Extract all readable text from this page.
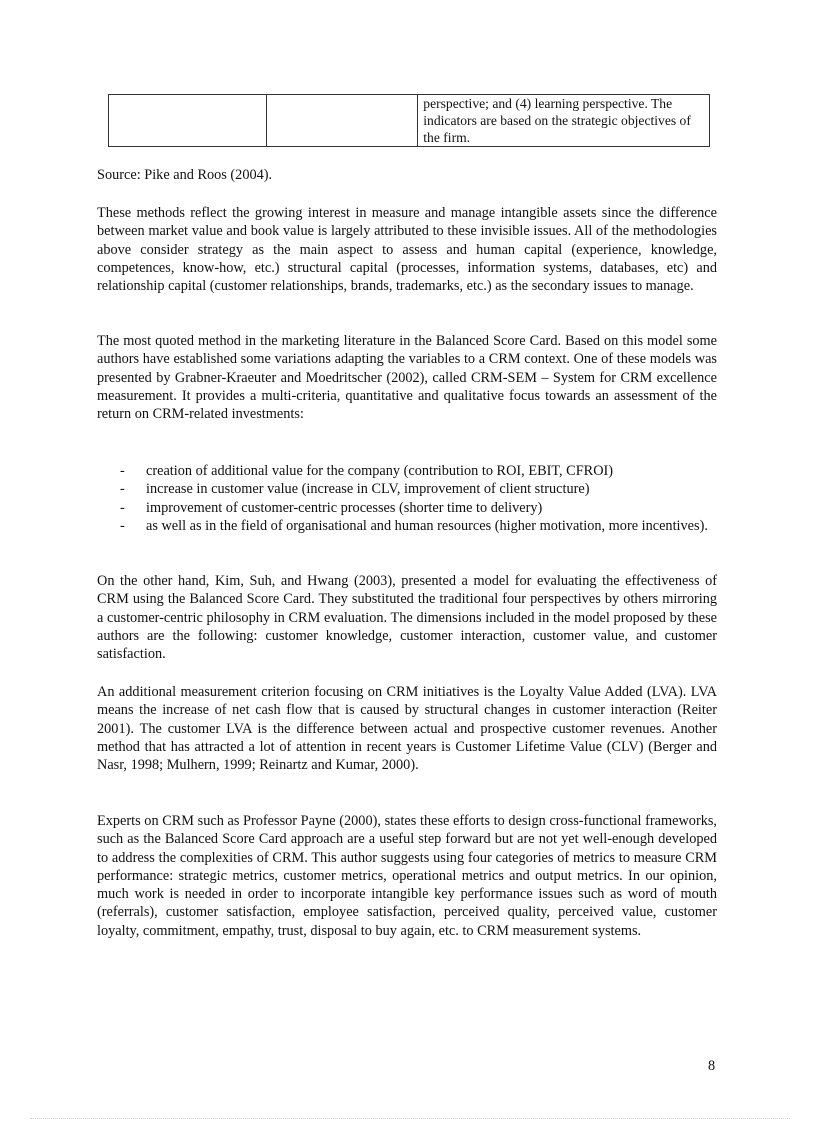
		perspective; and (4) learning perspective. The indicators are based on the strategic objectives of the firm.
Source: Pike and Roos (2004).

These methods reflect the growing interest in measure and manage intangible assets since the difference between market value and book value is largely attributed to these invisible issues. All of the methodologies above consider strategy as the main aspect to assess and human capital (experience, knowledge, competences, know-how, etc.) structural capital (processes, information systems, databases, etc) and relationship capital (customer relationships, brands, trademarks, etc.) as the secondary issues to manage.

The most quoted method in the marketing literature in the Balanced Score Card. Based on this model some authors have established some variations adapting the variables to a CRM context. One of these models was presented by Grabner-Kraeuter and Moedritscher (2002), called CRM-SEM – System for CRM excellence measurement. It provides a multi-criteria, quantitative and qualitative focus towards an assessment of the return on CRM-related investments:

- creation of additional value for the company (contribution to ROI, EBIT, CFROI)
- increase in customer value (increase in CLV, improvement of client structure)
- improvement of customer-centric processes (shorter time to delivery)
- as well as in the field of organisational and human resources (higher motivation, more incentives).

On the other hand, Kim, Suh, and Hwang (2003), presented a model for evaluating the effectiveness of CRM using the Balanced Score Card. They substituted the traditional four perspectives by others mirroring a customer-centric philosophy in CRM evaluation. The dimensions included in the model proposed by these authors are the following: customer knowledge, customer interaction, customer value, and customer satisfaction.

An additional measurement criterion focusing on CRM initiatives is the Loyalty Value Added (LVA). LVA means the increase of net cash flow that is caused by structural changes in customer interaction (Reiter 2001). The customer LVA is the difference between actual and prospective customer revenues. Another method that has attracted a lot of attention in recent years is Customer Lifetime Value (CLV) (Berger and Nasr, 1998; Mulhern, 1999; Reinartz and Kumar, 2000).

Experts on CRM such as Professor Payne (2000), states these efforts to design cross-functional frameworks, such as the Balanced Score Card approach are a useful step forward but are not yet well-enough developed to address the complexities of CRM. This author suggests using four categories of metrics to measure CRM performance: strategic metrics, customer metrics, operational metrics and output metrics. In our opinion, much work is needed in order to incorporate intangible key performance issues such as word of mouth (referrals), customer satisfaction, employee satisfaction, perceived quality, perceived value, customer loyalty, commitment, empathy, trust, disposal to buy again, etc. to CRM measurement systems.

8
